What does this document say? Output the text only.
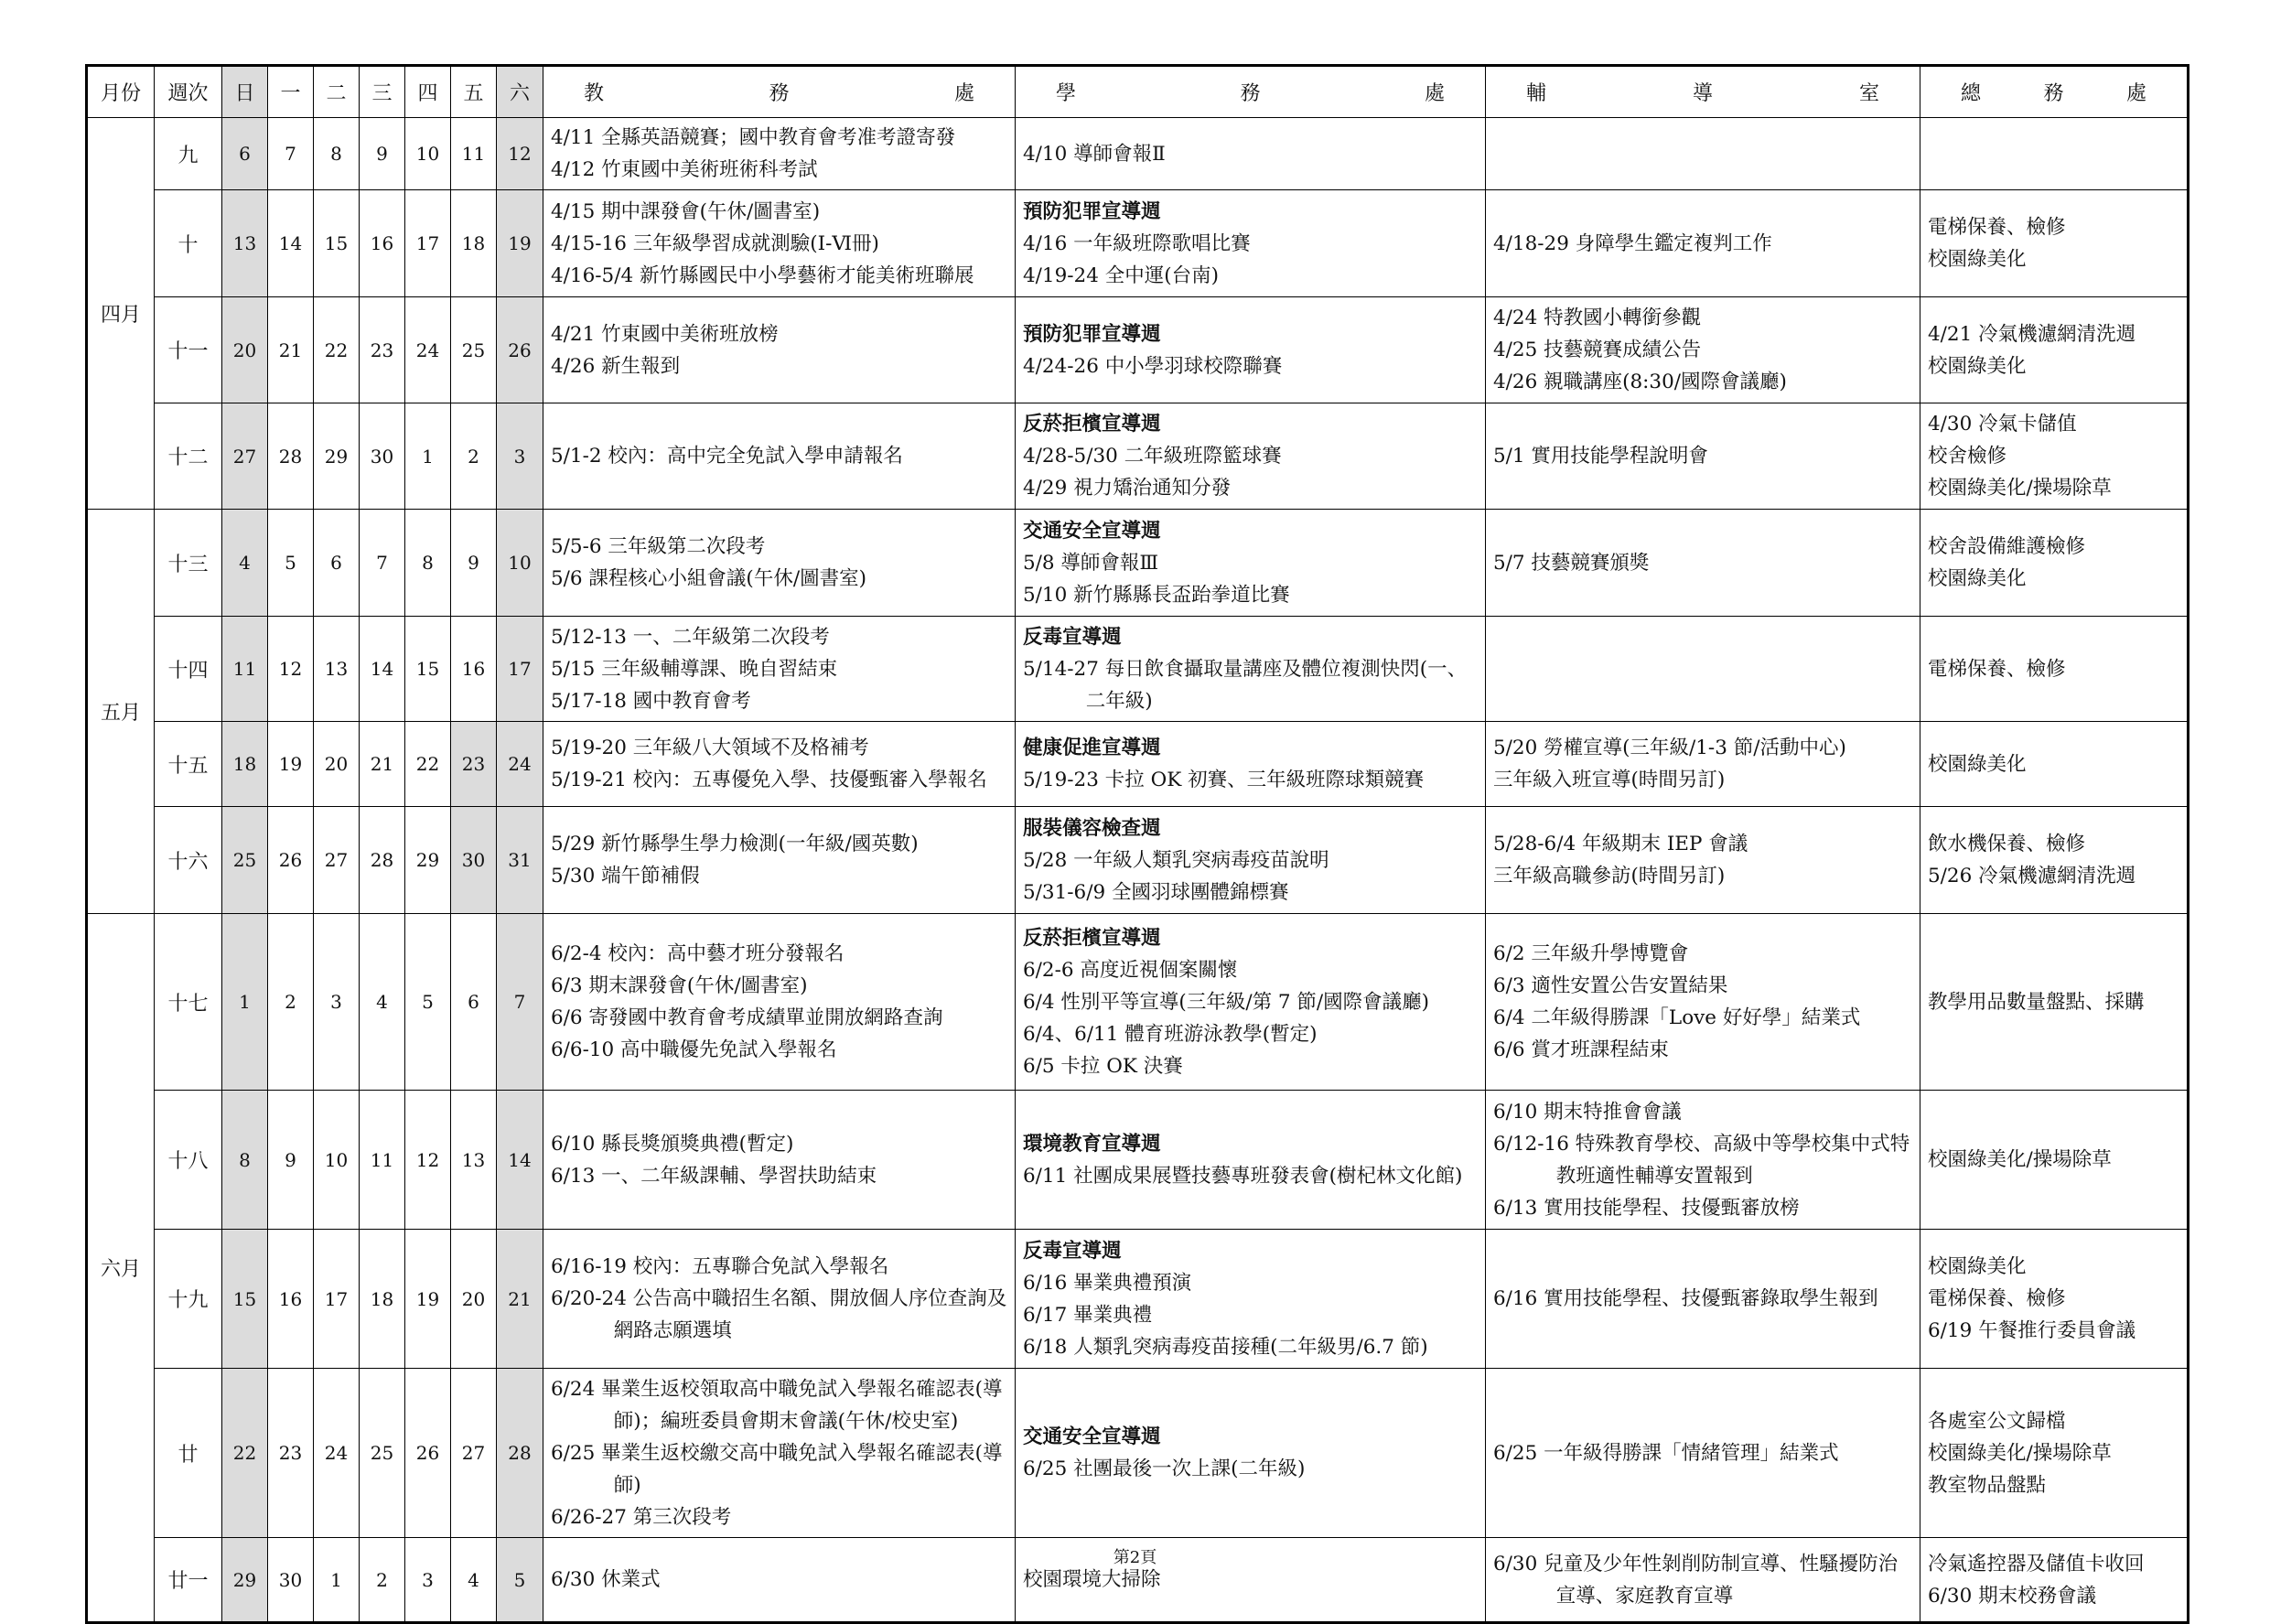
月份	週次	日	一	二	三	四	五	六	教 務 處	學 務 處	輔 導 室	總 務 處
四月	九	6	7	8	9	10	11	12	4/11 全縣英語競賽；國中教育會考准考證寄發
4/12 竹東國中美術班術科考試	4/10 導師會報Ⅱ		

	十	13	14	15	16	17	18	19	4/15 期中課發會(午休/圖書室)
4/15-16 三年級學習成就測驗(Ⅰ-Ⅵ冊)
4/16-5/4 新竹縣國民中小學藝術才能美術班聯展	預防犯罪宣導週
4/16 一年級班際歌唱比賽
4/19-24 全中運(台南)	4/18-29 身障學生鑑定複判工作	電梯保養、檢修
校園綠美化

	十一	20	21	22	23	24	25	26	4/21 竹東國中美術班放榜
4/26 新生報到	預防犯罪宣導週
4/24-26 中小學羽球校際聯賽	4/24 特教國小轉銜參觀
4/25 技藝競賽成績公告
4/26 親職講座(8:30/國際會議廳)	4/21 冷氣機濾網清洗週
校園綠美化

	十二	27	28	29	30	1	2	3	5/1-2 校內：高中完全免試入學申請報名	反菸拒檳宣導週
4/28-5/30 二年級班際籃球賽
4/29 視力矯治通知分發	5/1 實用技能學程說明會	4/30 冷氣卡儲值
校舍檢修
校園綠美化/操場除草

五月	十三	4	5	6	7	8	9	10	5/5-6 三年級第二次段考
5/6 課程核心小組會議(午休/圖書室)	交通安全宣導週
5/8 導師會報Ⅲ
5/10 新竹縣縣長盃跆拳道比賽	5/7 技藝競賽頒獎	校舍設備維護檢修
校園綠美化

	十四	11	12	13	14	15	16	17	5/12-13 一、二年級第二次段考
5/15 三年級輔導課、晚自習結束
5/17-18 國中教育會考	反毒宣導週
5/14-27 每日飲食攝取量講座及體位複測快閃(一、二年級)		電梯保養、檢修

	十五	18	19	20	21	22	23	24	5/19-20 三年級八大領域不及格補考
5/19-21 校內：五專優免入學、技優甄審入學報名	健康促進宣導週
5/19-23 卡拉 OK 初賽、三年級班際球類競賽	5/20 勞權宣導(三年級/1-3 節/活動中心)
三年級入班宣導(時間另訂)	校園綠美化

	十六	25	26	27	28	29	30	31	5/29 新竹縣學生學力檢測(一年級/國英數)
5/30 端午節補假	服裝儀容檢查週
5/28 一年級人類乳突病毒疫苗說明
5/31-6/9 全國羽球團體錦標賽	5/28-6/4 年級期末 IEP 會議
三年級高職參訪(時間另訂)	飲水機保養、檢修
5/26 冷氣機濾網清洗週

六月	十七	1	2	3	4	5	6	7	6/2-4 校內：高中藝才班分發報名
6/3 期末課發會(午休/圖書室)
6/6 寄發國中教育會考成績單並開放網路查詢
6/6-10 高中職優先免試入學報名	反菸拒檳宣導週
6/2-6 高度近視個案關懷
6/4 性別平等宣導(三年級/第 7 節/國際會議廳)
6/4、6/11 體育班游泳教學(暫定)
6/5 卡拉 OK 決賽	6/2 三年級升學博覽會
6/3 適性安置公告安置結果
6/4 二年級得勝課「Love 好好學」結業式
6/6 賞才班課程結束	教學用品數量盤點、採購

	十八	8	9	10	11	12	13	14	6/10 縣長獎頒獎典禮(暫定)
6/13 一、二年級課輔、學習扶助結束	環境教育宣導週
6/11 社團成果展暨技藝專班發表會(樹杞林文化館)	6/10 期末特推會會議
6/12-16 特殊教育學校、高級中等學校集中式特教班適性輔導安置報到
6/13 實用技能學程、技優甄審放榜	校園綠美化/操場除草

	十九	15	16	17	18	19	20	21	6/16-19 校內：五專聯合免試入學報名
6/20-24 公告高中職招生名額、開放個人序位查詢及網路志願選填	反毒宣導週
6/16 畢業典禮預演
6/17 畢業典禮
6/18 人類乳突病毒疫苗接種(二年級男/6.7 節)	6/16 實用技能學程、技優甄審錄取學生報到	校園綠美化
電梯保養、檢修
6/19 午餐推行委員會議

	廿	22	23	24	25	26	27	28	6/24 畢業生返校領取高中職免試入學報名確認表(導師)；編班委員會期末會議(午休/校史室)
6/25 畢業生返校繳交高中職免試入學報名確認表(導師)
6/26-27 第三次段考	交通安全宣導週
6/25 社團最後一次上課(二年級)	6/25 一年級得勝課「情緒管理」結業式	各處室公文歸檔
校園綠美化/操場除草
教室物品盤點

	廿一	29	30	1	2	3	4	5	6/30 休業式	校園環境大掃除	6/30 兒童及少年性剝削防制宣導、性騷擾防治宣導、家庭教育宣導	冷氣遙控器及儲值卡收回
6/30 期末校務會議
第2頁
